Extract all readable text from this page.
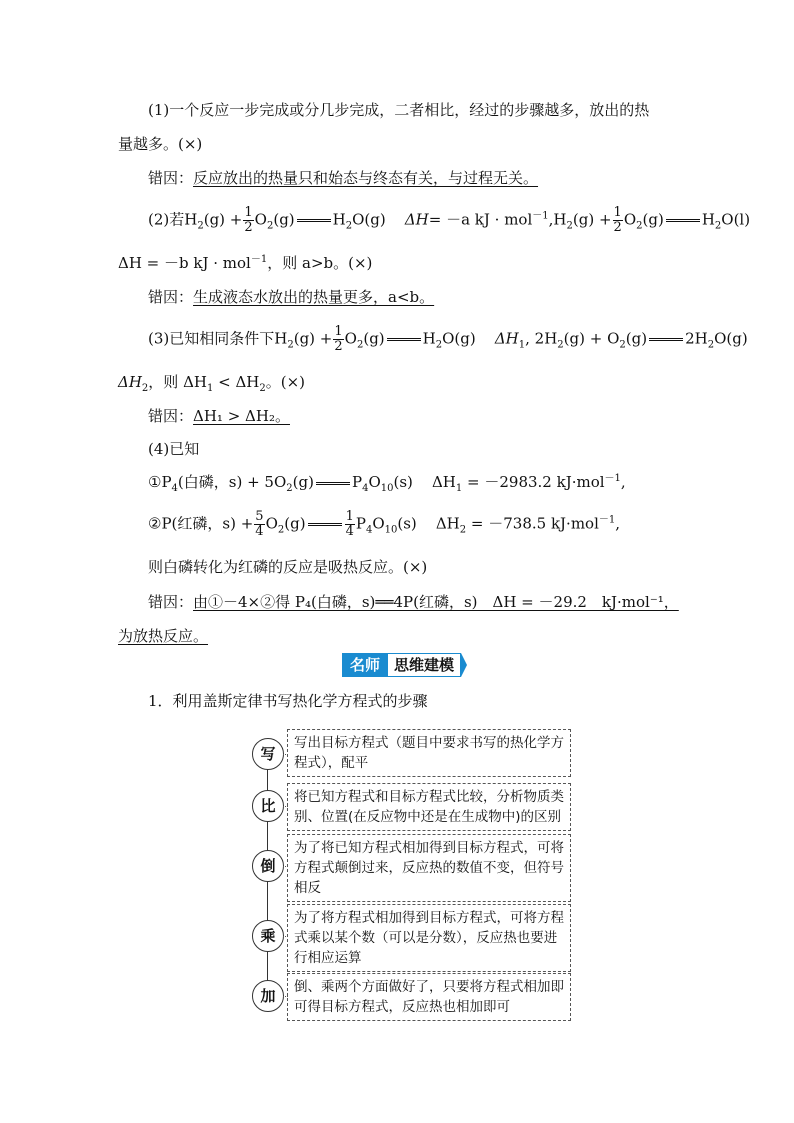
(1)一个反应一步完成或分几步完成，二者相比，经过的步骤越多，放出的热
量越多。(×)
错因：反应放出的热量只和始态与终态有关，与过程无关。
(2)若$H_2(g) + \frac{1}{2} O_2(g)$	$H_2O(g)$    ΔH= －a kJ · $mol^{-1},H_2(g) + \frac{1}{2} O_2(g)$	$H_2O(l)$
ΔH = －b kJ · mol$^{-1}$，则 a>b。(×)
错因：生成液态水放出的热量更多，a<b。
(3)已知相同条件下$H_2(g) + \frac{1}{2} O_2(g)$	$H_2O(g)$    $\Delta H_1$, $2H_2(g) + O_2(g)$	$2H_2O(g)$
$\Delta H_2$，则 $\Delta H_1 < \Delta H_2$。(×)
错因：ΔH₁ > ΔH₂。
(4)已知
$①P_4$(白磷，$s) + 5O_2(g)$	$P_4O_{10}(s)$    $\Delta H_1 = -2983.2$ kJ·mol$^{-1}$,
②P(红磷，$s) + \frac{5}{4} O_2(g)$	$\frac{1}{4} P_4O_{10}(s)$    $\Delta H_2 = -738.5$ kJ·mol$^{-1}$,
则白磷转化为红磷的反应是吸热反应。(×)
错因：由①－4×②得 P₄(白磷，s)══4P(红磷，s)　ΔH = －29.2　kJ·mol⁻¹，
为放热反应。
名师 思维建模
1．利用盖斯定律书写热化学方程式的步骤
写
写出目标方程式（题目中要求书写的热化学方程式），配平
比	将已知方程式和目标方程式比较，分析物质类别、位置(在反应物中还是在生成物中)的区别
倒
为了将已知方程式相加得到目标方程式，可将方程式颠倒过来，反应热的数值不变，但符号相反
乘
为了将方程式相加得到目标方程式，可将方程式乘以某个数（可以是分数），反应热也要进行相应运算
加	倒、乘两个方面做好了，只要将方程式相加即可得目标方程式，反应热也相加即可
